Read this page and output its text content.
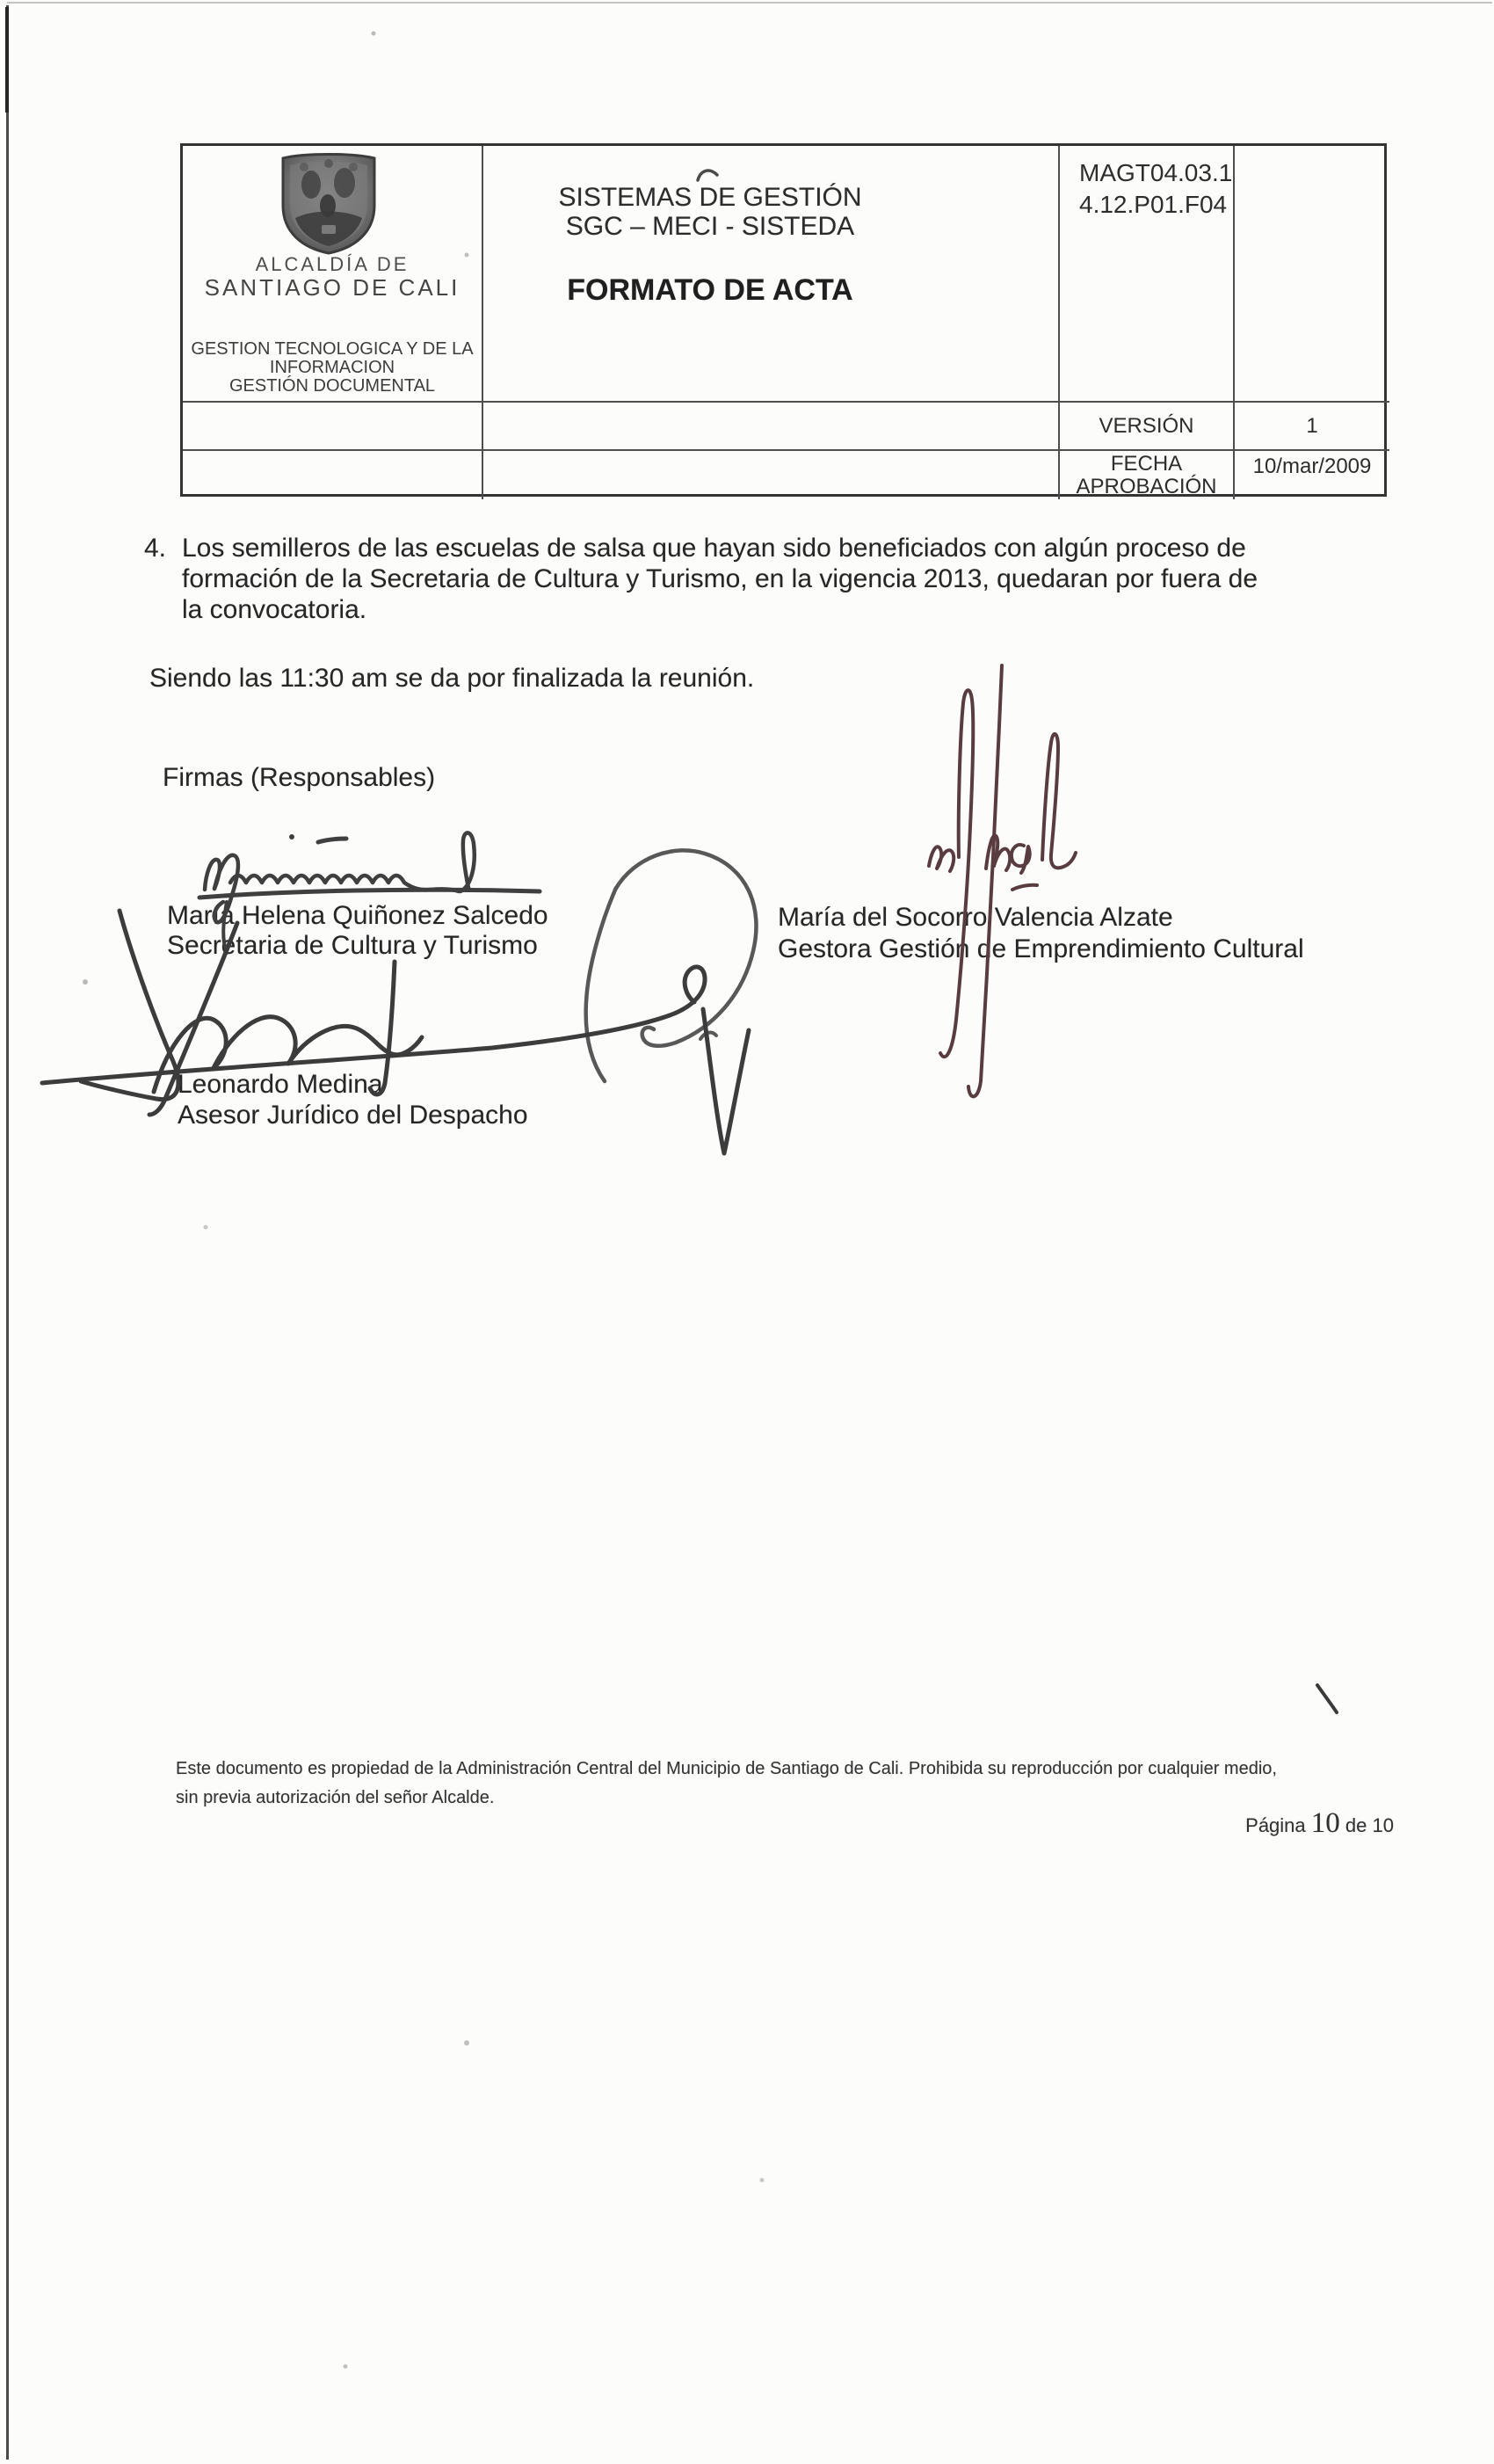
ALCALDÍA DE
SANTIAGO DE CALI
GESTION TECNOLOGICA Y DE LA
INFORMACION
GESTIÓN DOCUMENTAL
SISTEMAS DE GESTIÓN
SGC – MECI - SISTEDA
FORMATO DE ACTA
MAGT04.03.1
4.12.P01.F04
VERSIÓN	1
FECHA
APROBACIÓN
10/mar/2009
4. Los semilleros de las escuelas de salsa que hayan sido beneficiados con algún proceso de
formación de la Secretaria de Cultura y Turismo, en la vigencia 2013, quedaran por fuera de
la convocatoria.
Siendo las 11:30 am se da por finalizada la reunión.
Firmas (Responsables)
María Helena Quiñonez Salcedo
Secretaria de Cultura y Turismo
María del Socorro Valencia Alzate
Gestora Gestión de Emprendimiento Cultural
Leonardo Medina
Asesor Jurídico del Despacho
Este documento es propiedad de la Administración Central del Municipio de Santiago de Cali. Prohibida su reproducción por cualquier medio,
sin previa autorización del señor Alcalde.
Página 10 de 10
